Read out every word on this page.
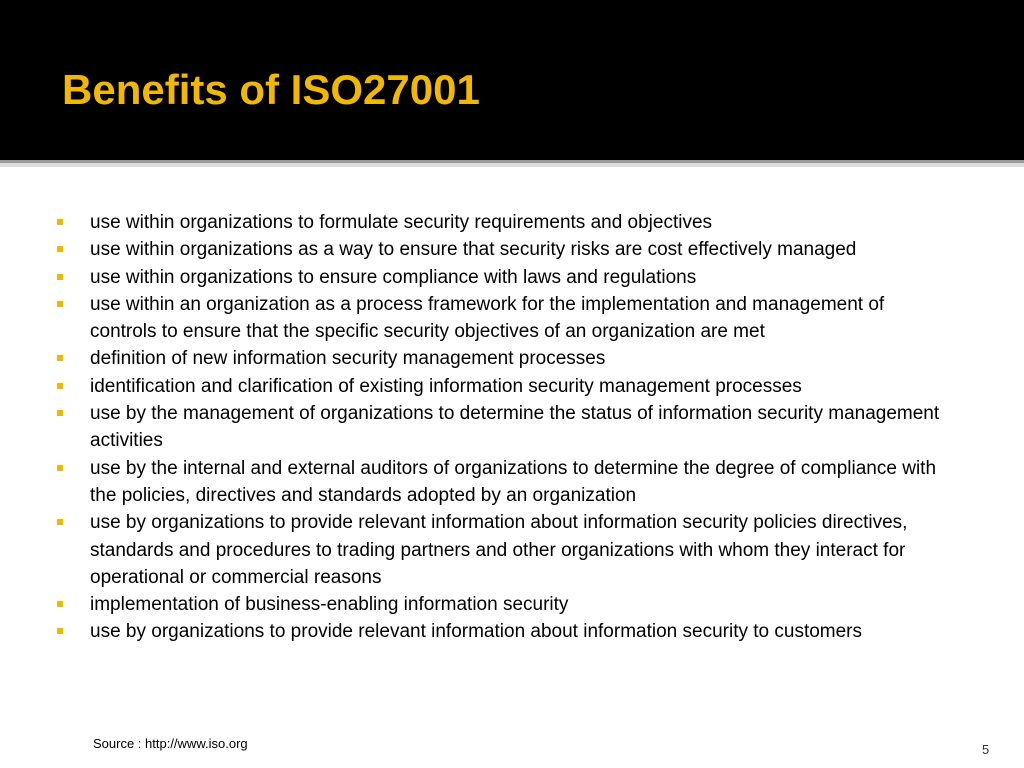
Benefits of ISO27001
use within organizations to formulate security requirements and objectives
use within organizations as a way to ensure that security risks are cost effectively managed
use within organizations to ensure compliance with laws and regulations
use within an organization as a process framework for the implementation and management of controls to ensure that the specific security objectives of an organization are met
definition of new information security management processes
identification and clarification of existing information security management processes
use by the management of organizations to determine the status of information security management activities
use by the internal and external auditors of organizations to determine the degree of compliance with the policies, directives and standards adopted by an organization
use by organizations to provide relevant information about information security policies directives, standards and procedures to trading partners and other organizations with whom they interact for operational or commercial reasons
implementation of business-enabling information security
use by organizations to provide relevant information about information security to customers
Source : http://www.iso.org	5
